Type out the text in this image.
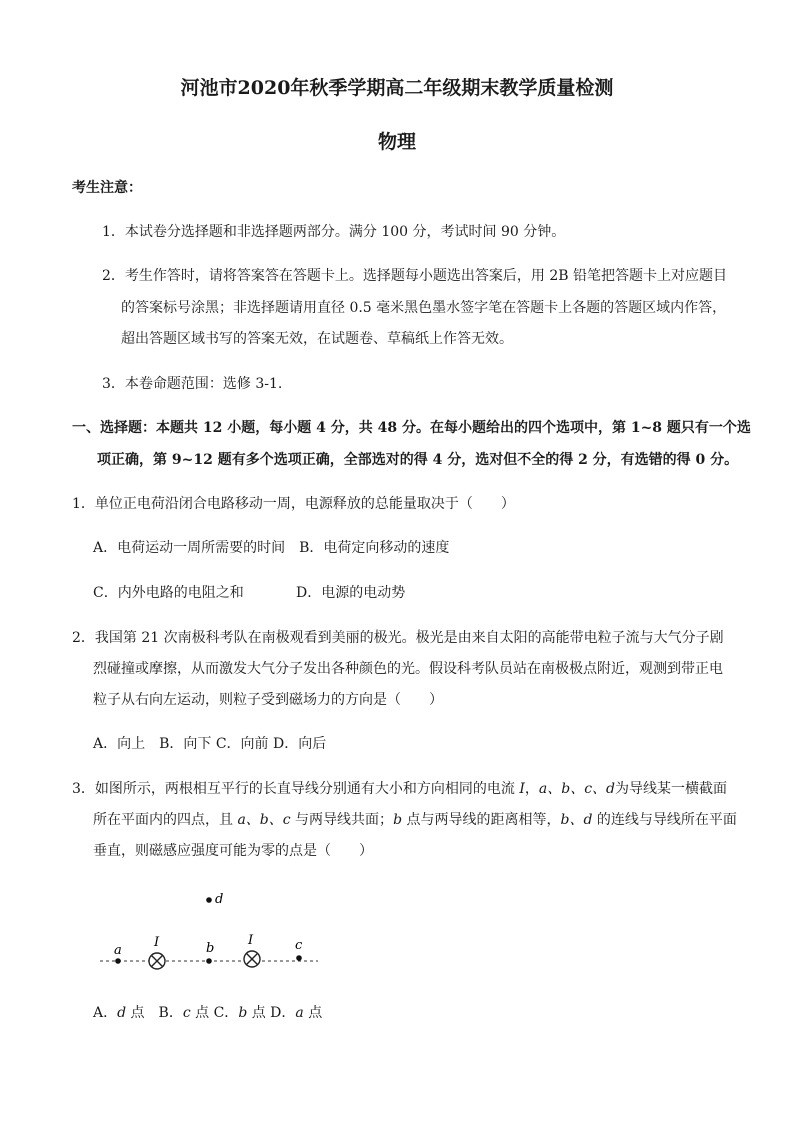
河池市2020年秋季学期高二年级期末教学质量检测
物理
考生注意：
1．本试卷分选择题和非选择题两部分。满分 100 分，考试时间 90 分钟。
2．考生作答时，请将答案答在答题卡上。选择题每小题选出答案后，用 2B 铅笔把答题卡上对应题目
的答案标号涂黑；非选择题请用直径 0.5 毫米黑色墨水签字笔在答题卡上各题的答题区域内作答，
超出答题区域书写的答案无效，在试题卷、草稿纸上作答无效。
3．本卷命题范围：选修 3-1.
一、选择题：本题共 12 小题，每小题 4 分，共 48 分。在每小题给出的四个选项中，第 1~8 题只有一个选
项正确，第 9~12 题有多个选项正确，全部选对的得 4 分，选对但不全的得 2 分，有选错的得 0 分。
1．单位正电荷沿闭合电路移动一周，电源释放的总能量取决于（　　）
A．电荷运动一周所需要的时间　B．电荷定向移动的速度
C．内外电路的电阻之和	D．电源的电动势
2．我国第 21 次南极科考队在南极观看到美丽的极光。极光是由来自太阳的高能带电粒子流与大气分子剧
烈碰撞或摩擦，从而激发大气分子发出各种颜色的光。假设科考队员站在南极极点附近，观测到带正电
粒子从右向左运动，则粒子受到磁场力的方向是（　　）
A．向上　B．向下 C．向前 D．向后
3．如图所示，两根相互平行的长直导线分别通有大小和方向相同的电流 I，a、b、c、d为导线某一横截面
所在平面内的四点，且 a、b、c 与两导线共面；b 点与两导线的距离相等，b、d 的连线与导线所在平面
垂直，则磁感应强度可能为零的点是（　　）
d
a
I	b
I	c
A．d 点　B．c 点 C．b 点 D．a 点
